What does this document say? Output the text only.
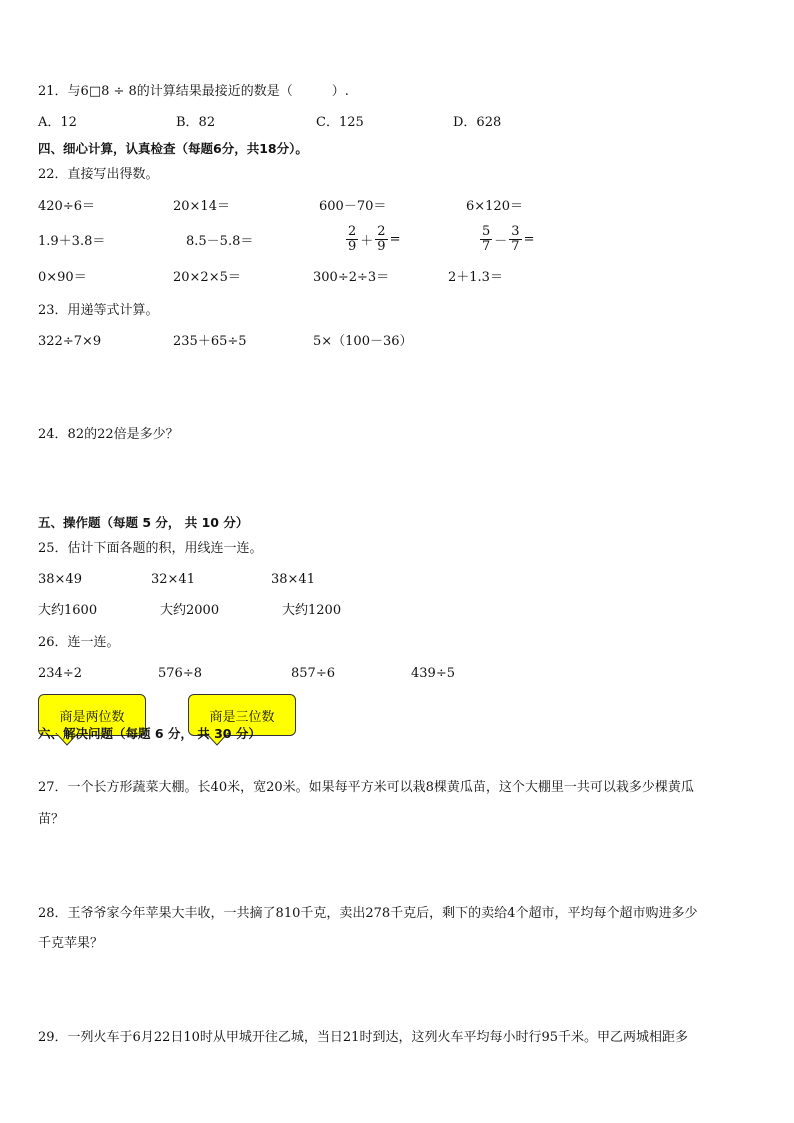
21．与6□8 ÷ 8的计算结果最接近的数是（　　　）.
A．12	B．82	C．125	D．628
四、细心计算，认真检查（每题6分，共18分）。
22．直接写出得数。
420÷6＝	20×14＝	600－70＝	6×120＝
1.9＋3.8＝	8.5－5.8＝	$\frac{2}{9} + \frac{2}{9}$ =	$\frac{5}{7} - \frac{3}{7}$ =
0×90＝	20×2×5＝	300÷2÷3＝	2＋1.3＝
23．用递等式计算。
322÷7×9	235＋65÷5	5×（100－36）
24．82的22倍是多少？
五、操作题（每题 5 分， 共 10 分）
25．估计下面各题的积，用线连一连。
38×49	32×41	38×41
大约1600	大约2000	大约1200
26．连一连。
234÷2	576÷8	857÷6	439÷5
商是两位数	商是三位数
六、解决问题（每题 6 分， 共 30 分）
27．一个长方形蔬菜大棚。长40米，宽20米。如果每平方米可以栽8棵黄瓜苗，这个大棚里一共可以栽多少棵黄瓜
苗？
28．王爷爷家今年苹果大丰收，一共摘了810千克，卖出278千克后，剩下的卖给4个超市，平均每个超市购进多少
千克苹果？
29．一列火车于6月22日10时从甲城开往乙城，当日21时到达，这列火车平均每小时行95千米。甲乙两城相距多
